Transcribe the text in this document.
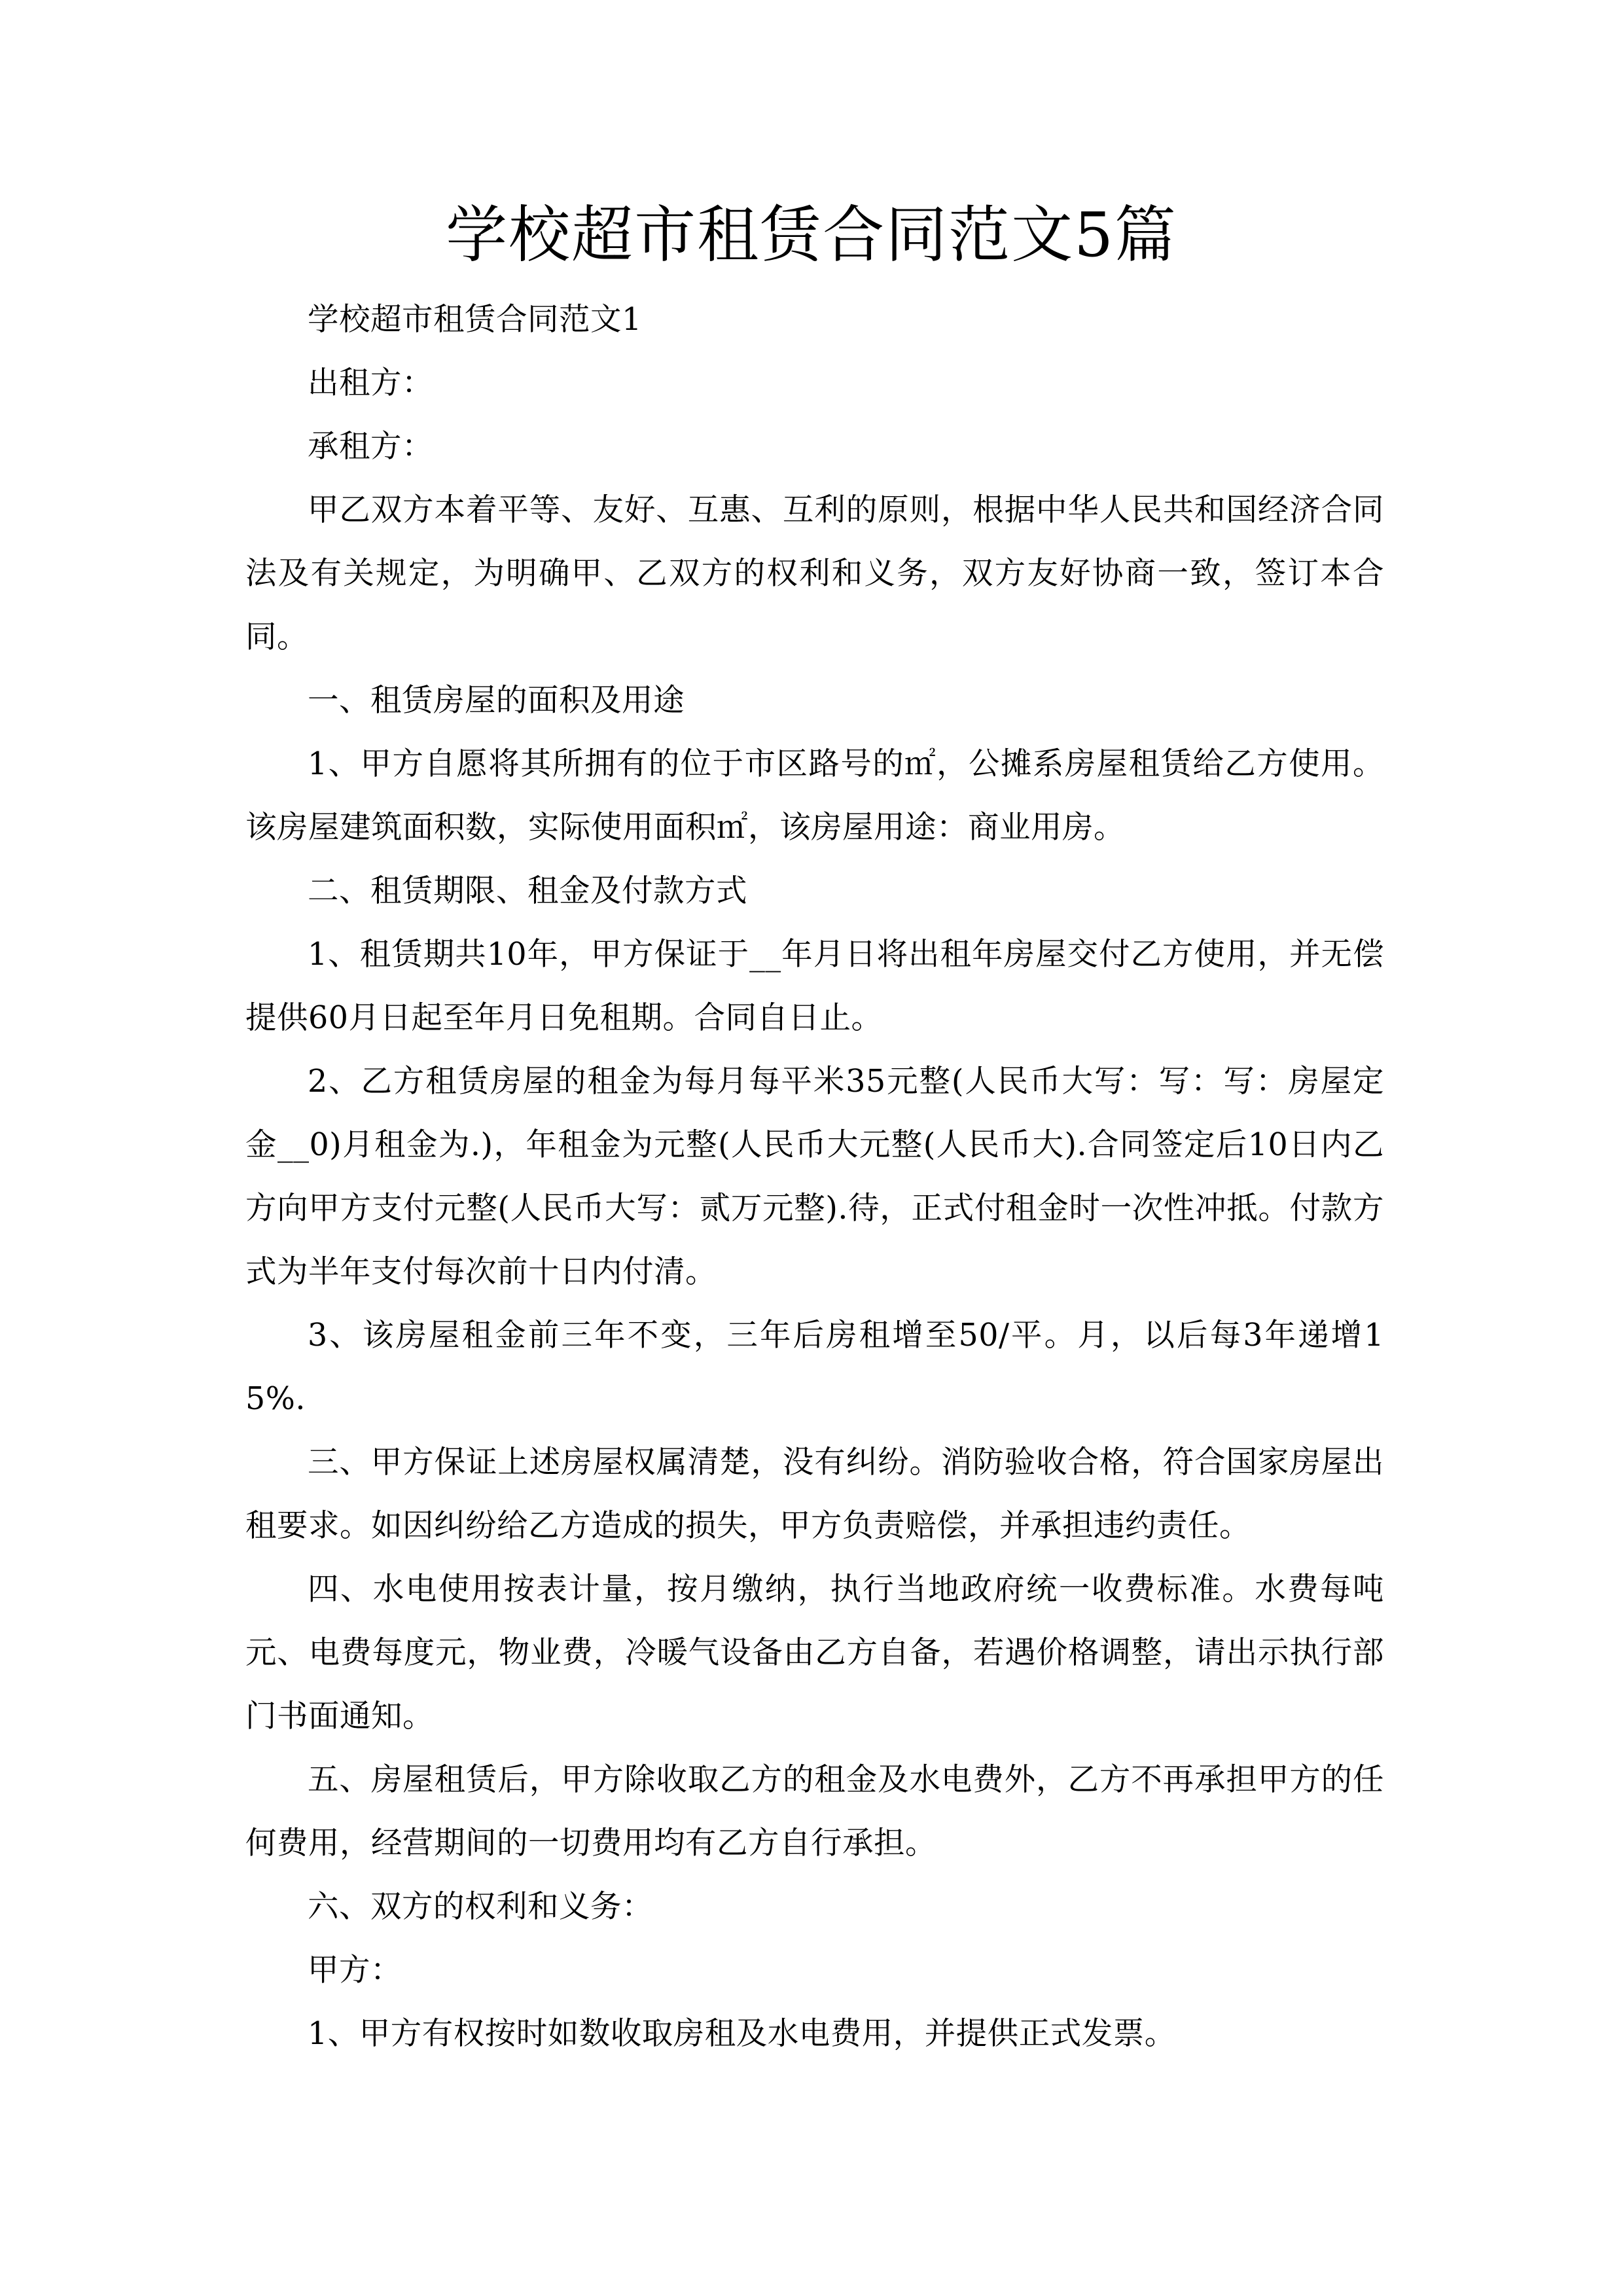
学校超市租赁合同范文5篇

学校超市租赁合同范文1

出租方：

承租方：

甲乙双方本着平等、友好、互惠、互利的原则，根据中华人民共和国经济合同法及有关规定，为明确甲、乙双方的权利和义务，双方友好协商一致，签订本合同。

一、租赁房屋的面积及用途

1、甲方自愿将其所拥有的位于市区路号的㎡，公摊系房屋租赁给乙方使用。该房屋建筑面积数，实际使用面积㎡，该房屋用途：商业用房。

二、租赁期限、租金及付款方式

1、租赁期共10年，甲方保证于__年月日将出租年房屋交付乙方使用，并无偿提供60月日起至年月日免租期。合同自日止。

2、乙方租赁房屋的租金为每月每平米35元整(人民币大写：写：写：房屋定金__0)月租金为.)，年租金为元整(人民币大元整(人民币大).合同签定后10日内乙方向甲方支付元整(人民币大写：贰万元整).待，正式付租金时一次性冲抵。付款方式为半年支付每次前十日内付清。

3、该房屋租金前三年不变，三年后房租增至50/平。月，以后每3年递增15%.

三、甲方保证上述房屋权属清楚，没有纠纷。消防验收合格，符合国家房屋出租要求。如因纠纷给乙方造成的损失，甲方负责赔偿，并承担违约责任。

四、水电使用按表计量，按月缴纳，执行当地政府统一收费标准。水费每吨元、电费每度元，物业费，冷暖气设备由乙方自备，若遇价格调整，请出示执行部门书面通知。

五、房屋租赁后，甲方除收取乙方的租金及水电费外，乙方不再承担甲方的任何费用，经营期间的一切费用均有乙方自行承担。

六、双方的权利和义务：

甲方：

1、甲方有权按时如数收取房租及水电费用，并提供正式发票。
